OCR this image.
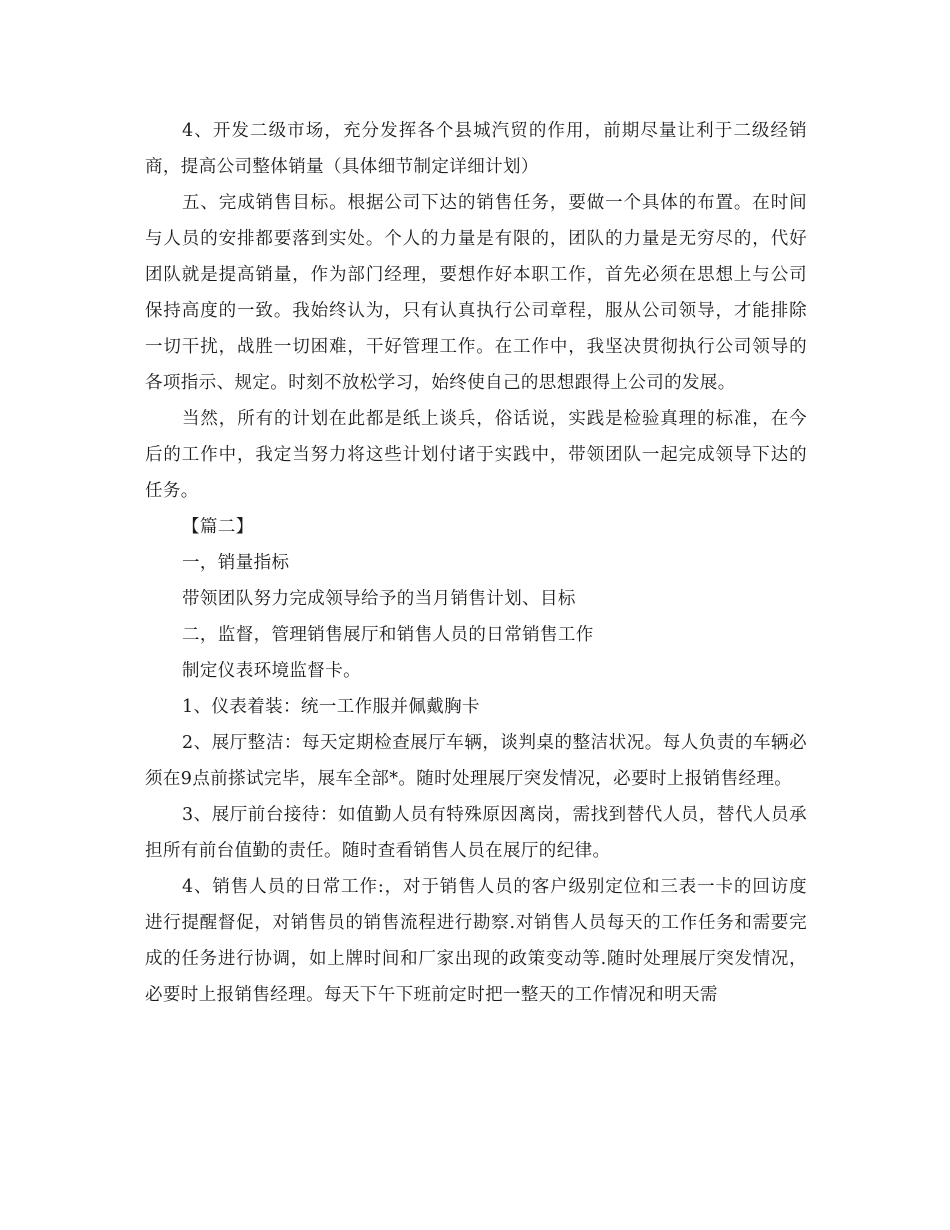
4、开发二级市场，充分发挥各个县城汽贸的作用，前期尽量让利于二级经销商，提高公司整体销量（具体细节制定详细计划）

五、完成销售目标。根据公司下达的销售任务，要做一个具体的布置。在时间与人员的安排都要落到实处。个人的力量是有限的，团队的力量是无穷尽的，代好团队就是提高销量，作为部门经理，要想作好本职工作，首先必须在思想上与公司保持高度的一致。我始终认为，只有认真执行公司章程，服从公司领导，才能排除一切干扰，战胜一切困难，干好管理工作。在工作中，我坚决贯彻执行公司领导的各项指示、规定。时刻不放松学习，始终使自己的思想跟得上公司的发展。

当然，所有的计划在此都是纸上谈兵，俗话说，实践是检验真理的标准，在今后的工作中，我定当努力将这些计划付诸于实践中，带领团队一起完成领导下达的任务。

【篇二】

一，销量指标

带领团队努力完成领导给予的当月销售计划、目标

二，监督，管理销售展厅和销售人员的日常销售工作

制定仪表环境监督卡。

1、仪表着装：统一工作服并佩戴胸卡

2、展厅整洁：每天定期检查展厅车辆，谈判桌的整洁状况。每人负责的车辆必须在9点前搽试完毕，展车全部*。随时处理展厅突发情况，必要时上报销售经理。

3、展厅前台接待：如值勤人员有特殊原因离岗，需找到替代人员，替代人员承担所有前台值勤的责任。随时查看销售人员在展厅的纪律。

4、销售人员的日常工作:，对于销售人员的客户级别定位和三表一卡的回访度进行提醒督促，对销售员的销售流程进行勘察.对销售人员每天的工作任务和需要完成的任务进行协调，如上牌时间和厂家出现的政策变动等.随时处理展厅突发情况，必要时上报销售经理。每天下午下班前定时把一整天的工作情况和明天需
